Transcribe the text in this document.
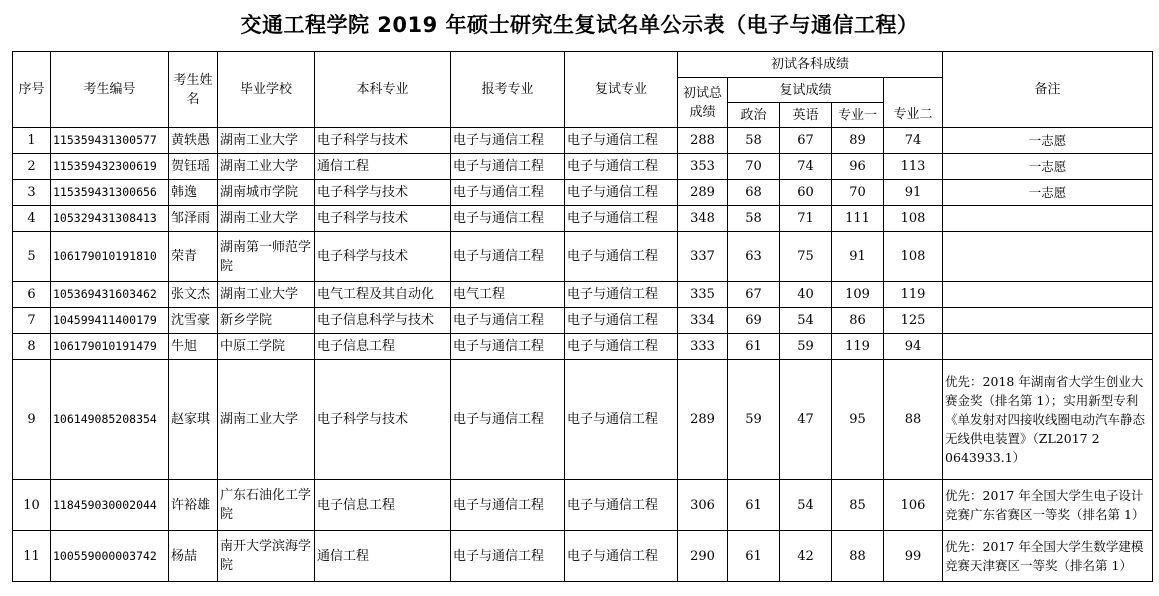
交通工程学院 2019 年硕士研究生复试名单公示表（电子与通信工程）
序号	考生编号	考生姓名	毕业学校	本科专业	报考专业	复试专业	初试各科成绩					备注
							初试总成绩	复试成绩				
								政治	英语	专业一	专业二	
1	115359431300577	黄轶愚	湖南工业大学	电子科学与技术	电子与通信工程	电子与通信工程	288	58	67	89	74	一志愿
2	115359432300619	贺钰瑶	湖南工业大学	通信工程	电子与通信工程	电子与通信工程	353	70	74	96	113	一志愿
3	115359431300656	韩逸	湖南城市学院	电子科学与技术	电子与通信工程	电子与通信工程	289	68	60	70	91	一志愿
4	105329431308413	邹泽雨	湖南工业大学	电子科学与技术	电子与通信工程	电子与通信工程	348	58	71	111	108	
5	106179010191810	荣青	湖南第一师范学院	电子科学与技术	电子与通信工程	电子与通信工程	337	63	75	91	108	
6	105369431603462	张文杰	湖南工业大学	电气工程及其自动化	电气工程	电子与通信工程	335	67	40	109	119	
7	104599411400179	沈雪豪	新乡学院	电子信息科学与技术	电子与通信工程	电子与通信工程	334	69	54	86	125	
8	106179010191479	牛旭	中原工学院	电子信息工程	电子与通信工程	电子与通信工程	333	61	59	119	94	
9	106149085208354	赵家琪	湖南工业大学	电子科学与技术	电子与通信工程	电子与通信工程	289	59	47	95	88	优先：2018 年湖南省大学生创业大赛金奖（排名第 1）；实用新型专利《单发射对四接收线圈电动汽车静态无线供电装置》（ZL2017 2 0643933.1）
10	118459030002044	许裕雄	广东石油化工学院	电子信息工程	电子与通信工程	电子与通信工程	306	61	54	85	106	优先：2017 年全国大学生电子设计竞赛广东省赛区一等奖（排名第 1）
11	100559000003742	杨喆	南开大学滨海学院	通信工程	电子与通信工程	电子与通信工程	290	61	42	88	99	优先：2017 年全国大学生数学建模竞赛天津赛区一等奖（排名第 1）
